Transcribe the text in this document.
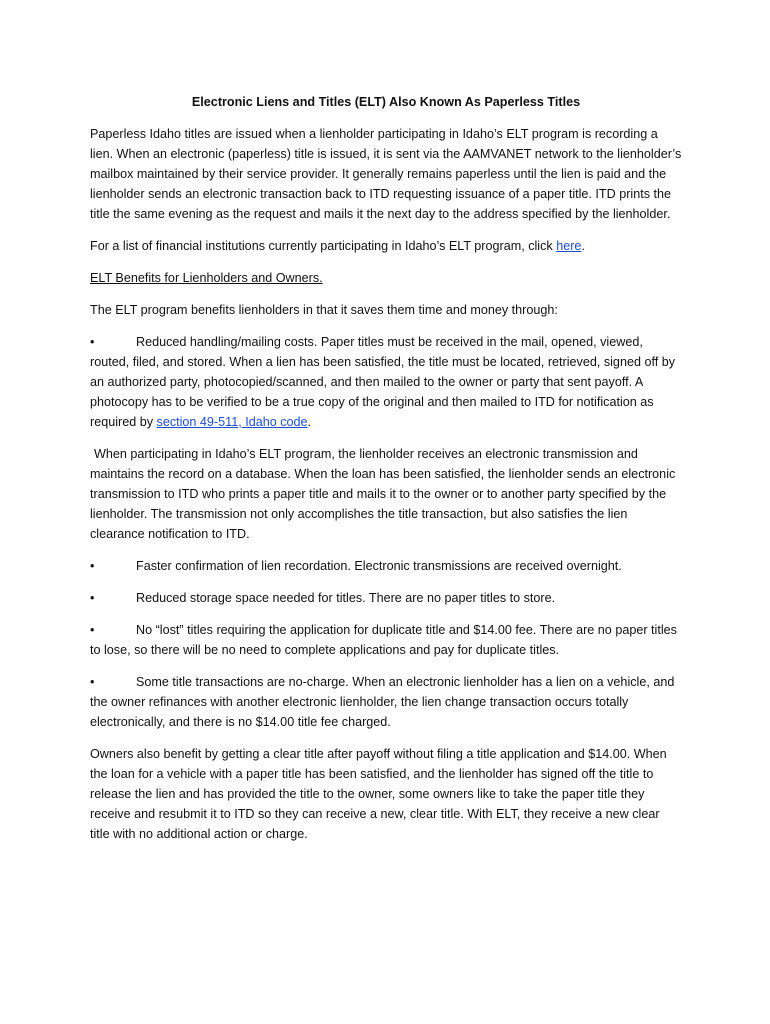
Electronic Liens and Titles (ELT) Also Known As Paperless Titles

Paperless Idaho titles are issued when a lienholder participating in Idaho’s ELT program is recording a lien. When an electronic (paperless) title is issued, it is sent via the AAMVANET network to the lienholder’s mailbox maintained by their service provider. It generally remains paperless until the lien is paid and the lienholder sends an electronic transaction back to ITD requesting issuance of a paper title. ITD prints the title the same evening as the request and mails it the next day to the address specified by the lienholder.

For a list of financial institutions currently participating in Idaho’s ELT program, click here.

ELT Benefits for Lienholders and Owners.

The ELT program benefits lienholders in that it saves them time and money through:

•	Reduced handling/mailing costs. Paper titles must be received in the mail, opened, viewed, routed, filed, and stored. When a lien has been satisfied, the title must be located, retrieved, signed off by an authorized party, photocopied/scanned, and then mailed to the owner or party that sent payoff. A photocopy has to be verified to be a true copy of the original and then mailed to ITD for notification as required by section 49-511, Idaho code.

When participating in Idaho’s ELT program, the lienholder receives an electronic transmission and maintains the record on a database. When the loan has been satisfied, the lienholder sends an electronic transmission to ITD who prints a paper title and mails it to the owner or to another party specified by the lienholder. The transmission not only accomplishes the title transaction, but also satisfies the lien clearance notification to ITD.

•	Faster confirmation of lien recordation. Electronic transmissions are received overnight.

•	Reduced storage space needed for titles. There are no paper titles to store.

•	No “lost” titles requiring the application for duplicate title and $14.00 fee. There are no paper titles to lose, so there will be no need to complete applications and pay for duplicate titles.

•	Some title transactions are no-charge. When an electronic lienholder has a lien on a vehicle, and the owner refinances with another electronic lienholder, the lien change transaction occurs totally electronically, and there is no $14.00 title fee charged.

Owners also benefit by getting a clear title after payoff without filing a title application and $14.00. When the loan for a vehicle with a paper title has been satisfied, and the lienholder has signed off the title to release the lien and has provided the title to the owner, some owners like to take the paper title they receive and resubmit it to ITD so they can receive a new, clear title. With ELT, they receive a new clear title with no additional action or charge.
